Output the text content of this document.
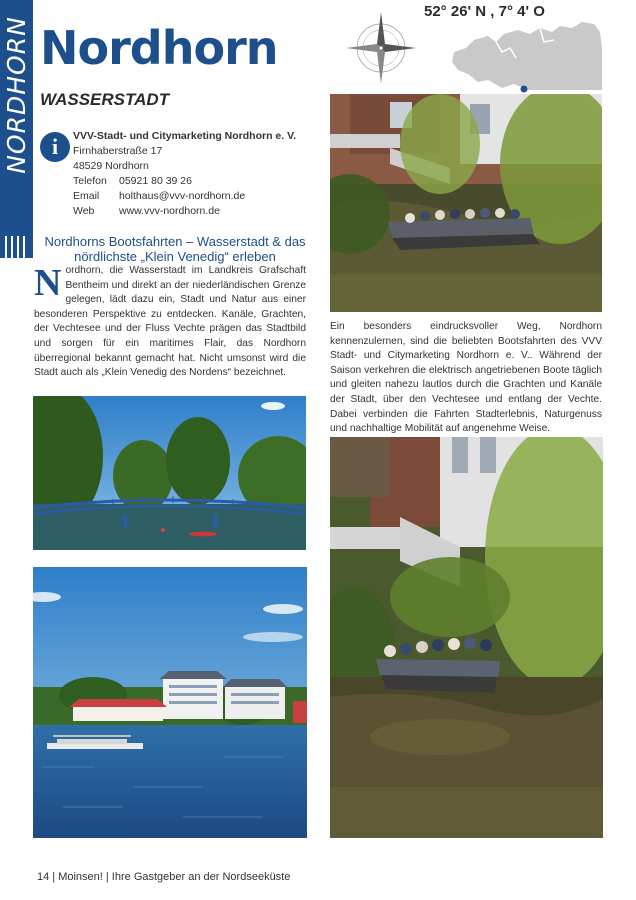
NORDHORN Nordhorn
WASSERSTADT
52° 26' N , 7° 4' O
i	VVV-Stadt- und Citymarketing Nordhorn e. V.
Firnhaberstraße 17
48529 Nordhorn
Telefon 05921 80 39 26
Email holthaus@vvv-nordhorn.de
Web www.vvv-nordhorn.de
Nordhorns Bootsfahrten – Wasserstadt & das nördlichste „Klein Venedig“ erleben
Nordhorn, die Wasserstadt im Landkreis Grafschaft Bentheim und direkt an der niederländischen Grenze gelegen, lädt dazu ein, Stadt und Natur aus einer besonderen Perspektive zu entdecken. Kanäle, Grachten, der Vechtesee und der Fluss Vechte prägen das Stadtbild und sorgen für ein maritimes Flair, das Nordhorn überregional bekannt gemacht hat. Nicht umsonst wird die Stadt auch als „Klein Venedig des Nordens“ bezeichnet.
Ein besonders eindrucksvoller Weg, Nordhorn kennenzulernen, sind die beliebten Bootsfahrten des VVV Stadt- und Citymarketing Nordhorn e. V.. Während der Saison verkehren die elektrisch angetriebenen Boote täglich und gleiten nahezu lautlos durch die Grachten und Kanäle der Stadt, über den Vechtesee und entlang der Vechte. Dabei verbinden die Fahrten Stadterlebnis, Naturgenuss und nachhaltige Mobilität auf angenehme Weise.
14 | Moinsen! | Ihre Gastgeber an der Nordseeküste
